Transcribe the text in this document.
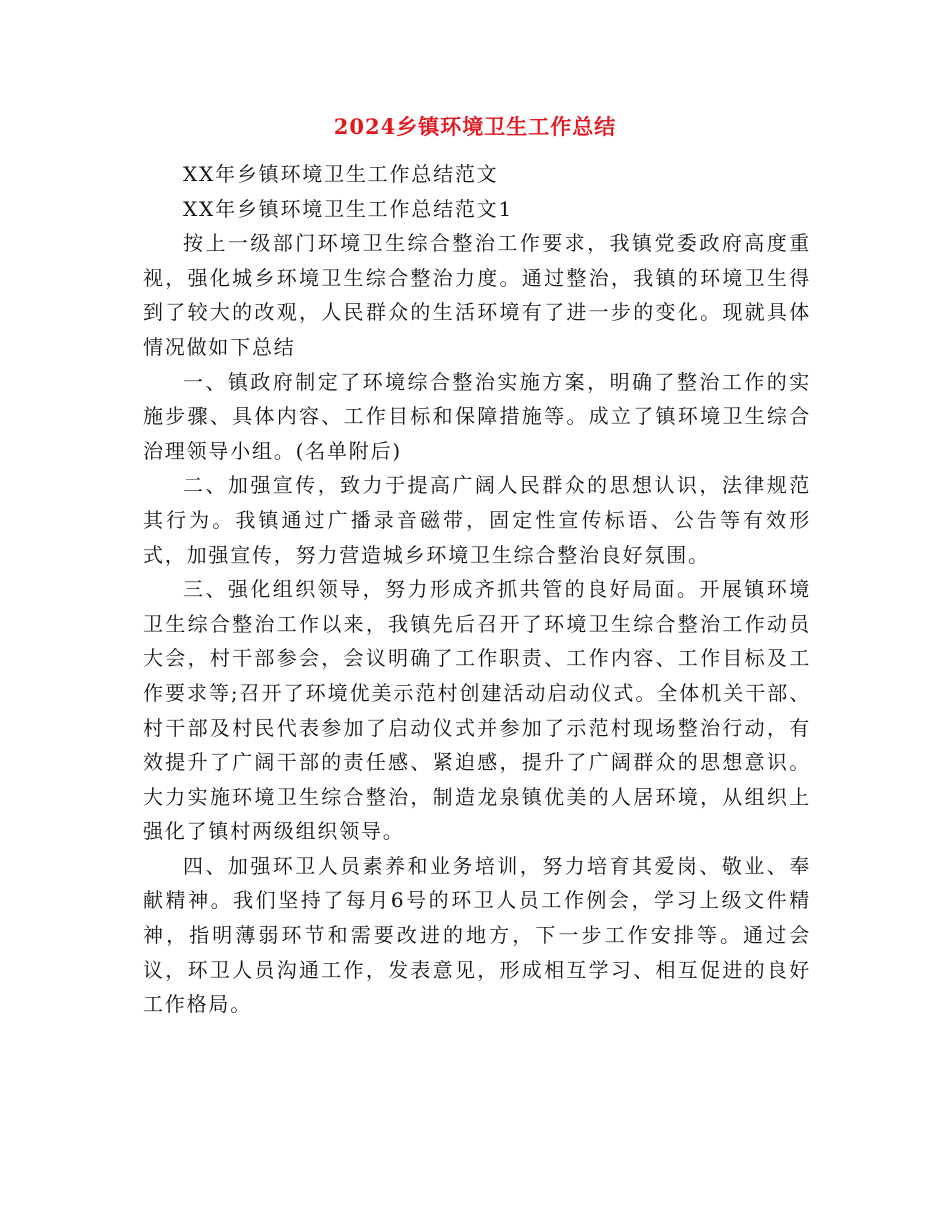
2024乡镇环境卫生工作总结

XX年乡镇环境卫生工作总结范文

XX年乡镇环境卫生工作总结范文1

按上一级部门环境卫生综合整治工作要求，我镇党委政府高度重视，强化城乡环境卫生综合整治力度。通过整治，我镇的环境卫生得到了较大的改观，人民群众的生活环境有了进一步的变化。现就具体情况做如下总结

一、镇政府制定了环境综合整治实施方案，明确了整治工作的实施步骤、具体内容、工作目标和保障措施等。成立了镇环境卫生综合治理领导小组。(名单附后)

二、加强宣传，致力于提高广阔人民群众的思想认识，法律规范其行为。我镇通过广播录音磁带，固定性宣传标语、公告等有效形式，加强宣传，努力营造城乡环境卫生综合整治良好氛围。

三、强化组织领导，努力形成齐抓共管的良好局面。开展镇环境卫生综合整治工作以来，我镇先后召开了环境卫生综合整治工作动员大会，村干部参会，会议明确了工作职责、工作内容、工作目标及工作要求等;召开了环境优美示范村创建活动启动仪式。全体机关干部、村干部及村民代表参加了启动仪式并参加了示范村现场整治行动，有效提升了广阔干部的责任感、紧迫感，提升了广阔群众的思想意识。大力实施环境卫生综合整治，制造龙泉镇优美的人居环境，从组织上强化了镇村两级组织领导。

四、加强环卫人员素养和业务培训，努力培育其爱岗、敬业、奉献精神。我们坚持了每月6号的环卫人员工作例会，学习上级文件精神，指明薄弱环节和需要改进的地方，下一步工作安排等。通过会议，环卫人员沟通工作，发表意见，形成相互学习、相互促进的良好工作格局。
